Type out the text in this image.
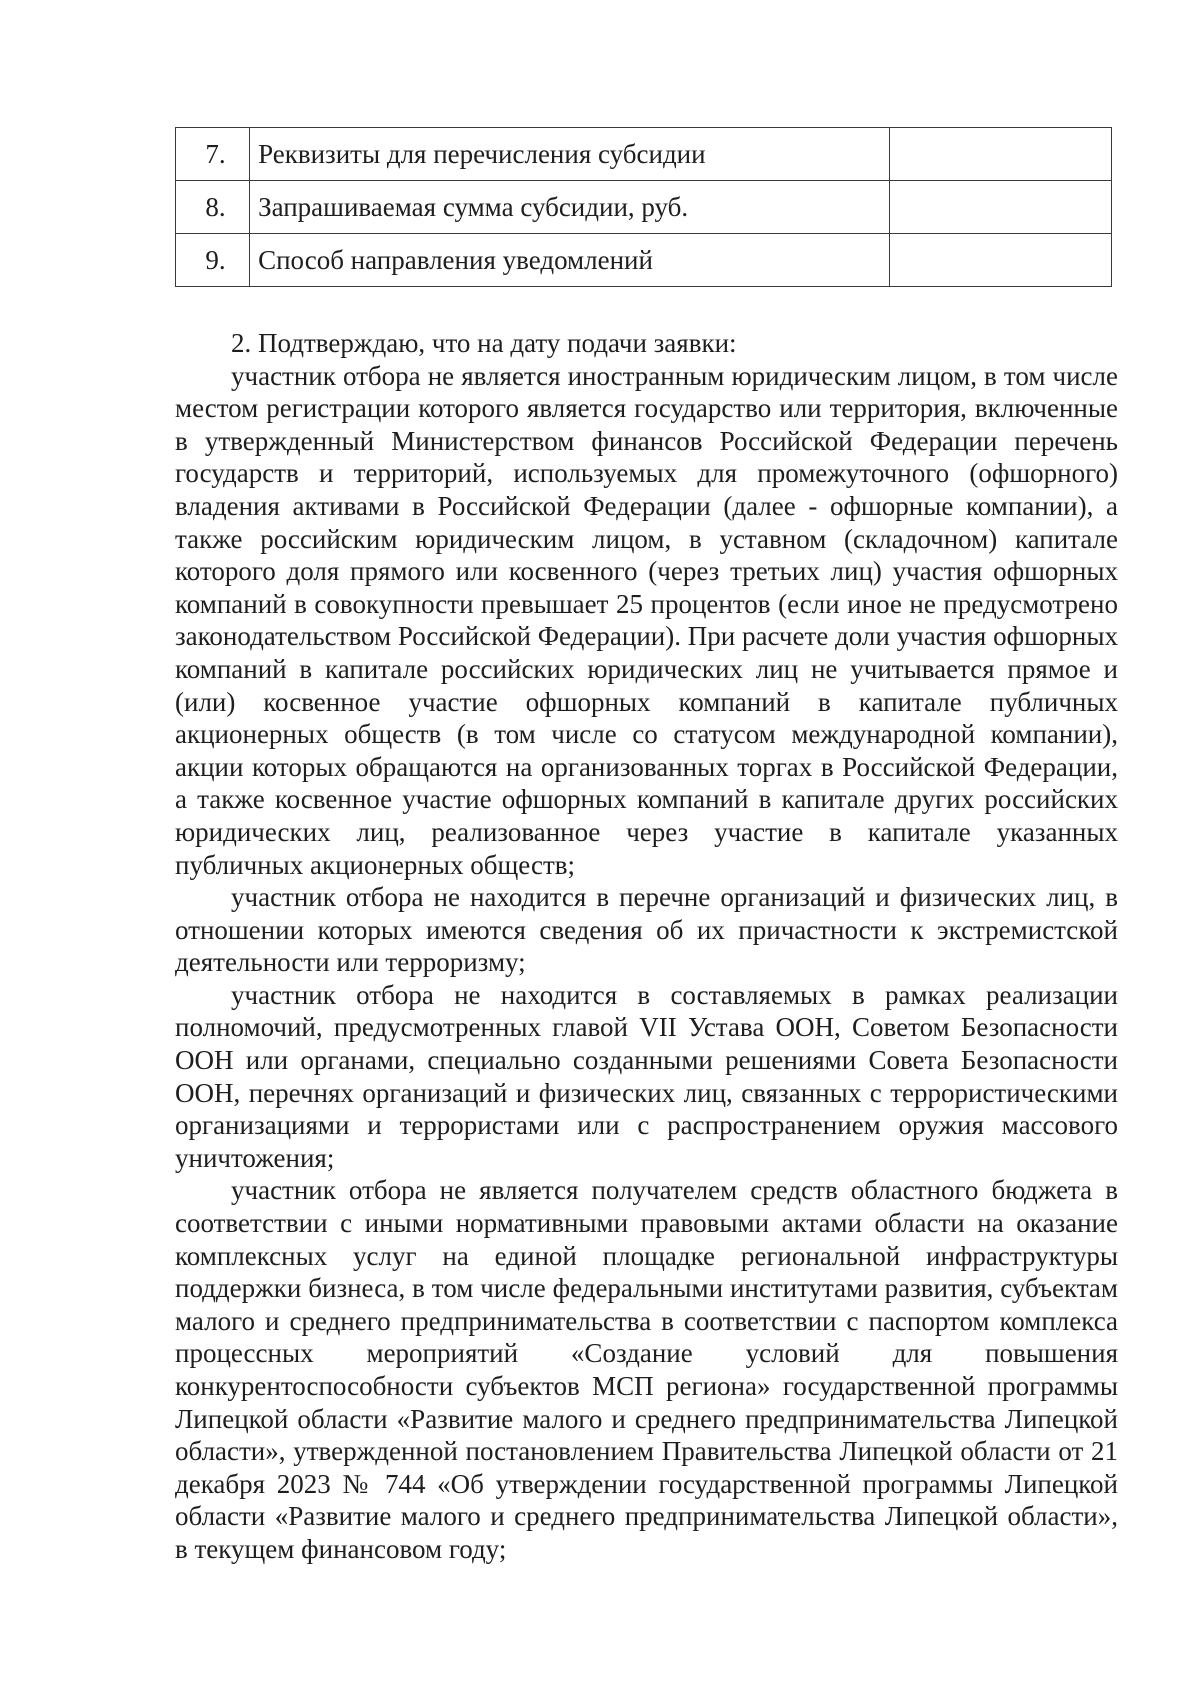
7.	Реквизиты для перечисления субсидии	
8.	Запрашиваемая сумма субсидии, руб.	
9.	Способ направления уведомлений	

2. Подтверждаю, что на дату подачи заявки:

участник отбора не является иностранным юридическим лицом, в том числе местом регистрации которого является государство или территория, включенные в утвержденный Министерством финансов Российской Федерации перечень государств и территорий, используемых для промежуточного (офшорного) владения активами в Российской Федерации (далее - офшорные компании), а также российским юридическим лицом, в уставном (складочном) капитале которого доля прямого или косвенного (через третьих лиц) участия офшорных компаний в совокупности превышает 25 процентов (если иное не предусмотрено законодательством Российской Федерации). При расчете доли участия офшорных компаний в капитале российских юридических лиц не учитывается прямое и (или) косвенное участие офшорных компаний в капитале публичных акционерных обществ (в том числе со статусом международной компании), акции которых обращаются на организованных торгах в Российской Федерации, а также косвенное участие офшорных компаний в капитале других российских юридических лиц, реализованное через участие в капитале указанных публичных акционерных обществ;

участник отбора не находится в перечне организаций и физических лиц, в отношении которых имеются сведения об их причастности к экстремистской деятельности или терроризму;

участник отбора не находится в составляемых в рамках реализации полномочий, предусмотренных главой VII Устава ООН, Советом Безопасности ООН или органами, специально созданными решениями Совета Безопасности ООН, перечнях организаций и физических лиц, связанных с террористическими организациями и террористами или с распространением оружия массового уничтожения;

участник отбора не является получателем средств областного бюджета в соответствии с иными нормативными правовыми актами области на оказание комплексных услуг на единой площадке региональной инфраструктуры поддержки бизнеса, в том числе федеральными институтами развития, субъектам малого и среднего предпринимательства в соответствии с паспортом комплекса процессных мероприятий «Создание условий для повышения конкурентоспособности субъектов МСП региона» государственной программы Липецкой области «Развитие малого и среднего предпринимательства Липецкой области», утвержденной постановлением Правительства Липецкой области от 21 декабря 2023 № 744 «Об утверждении государственной программы Липецкой области «Развитие малого и среднего предпринимательства Липецкой области», в текущем финансовом году;
